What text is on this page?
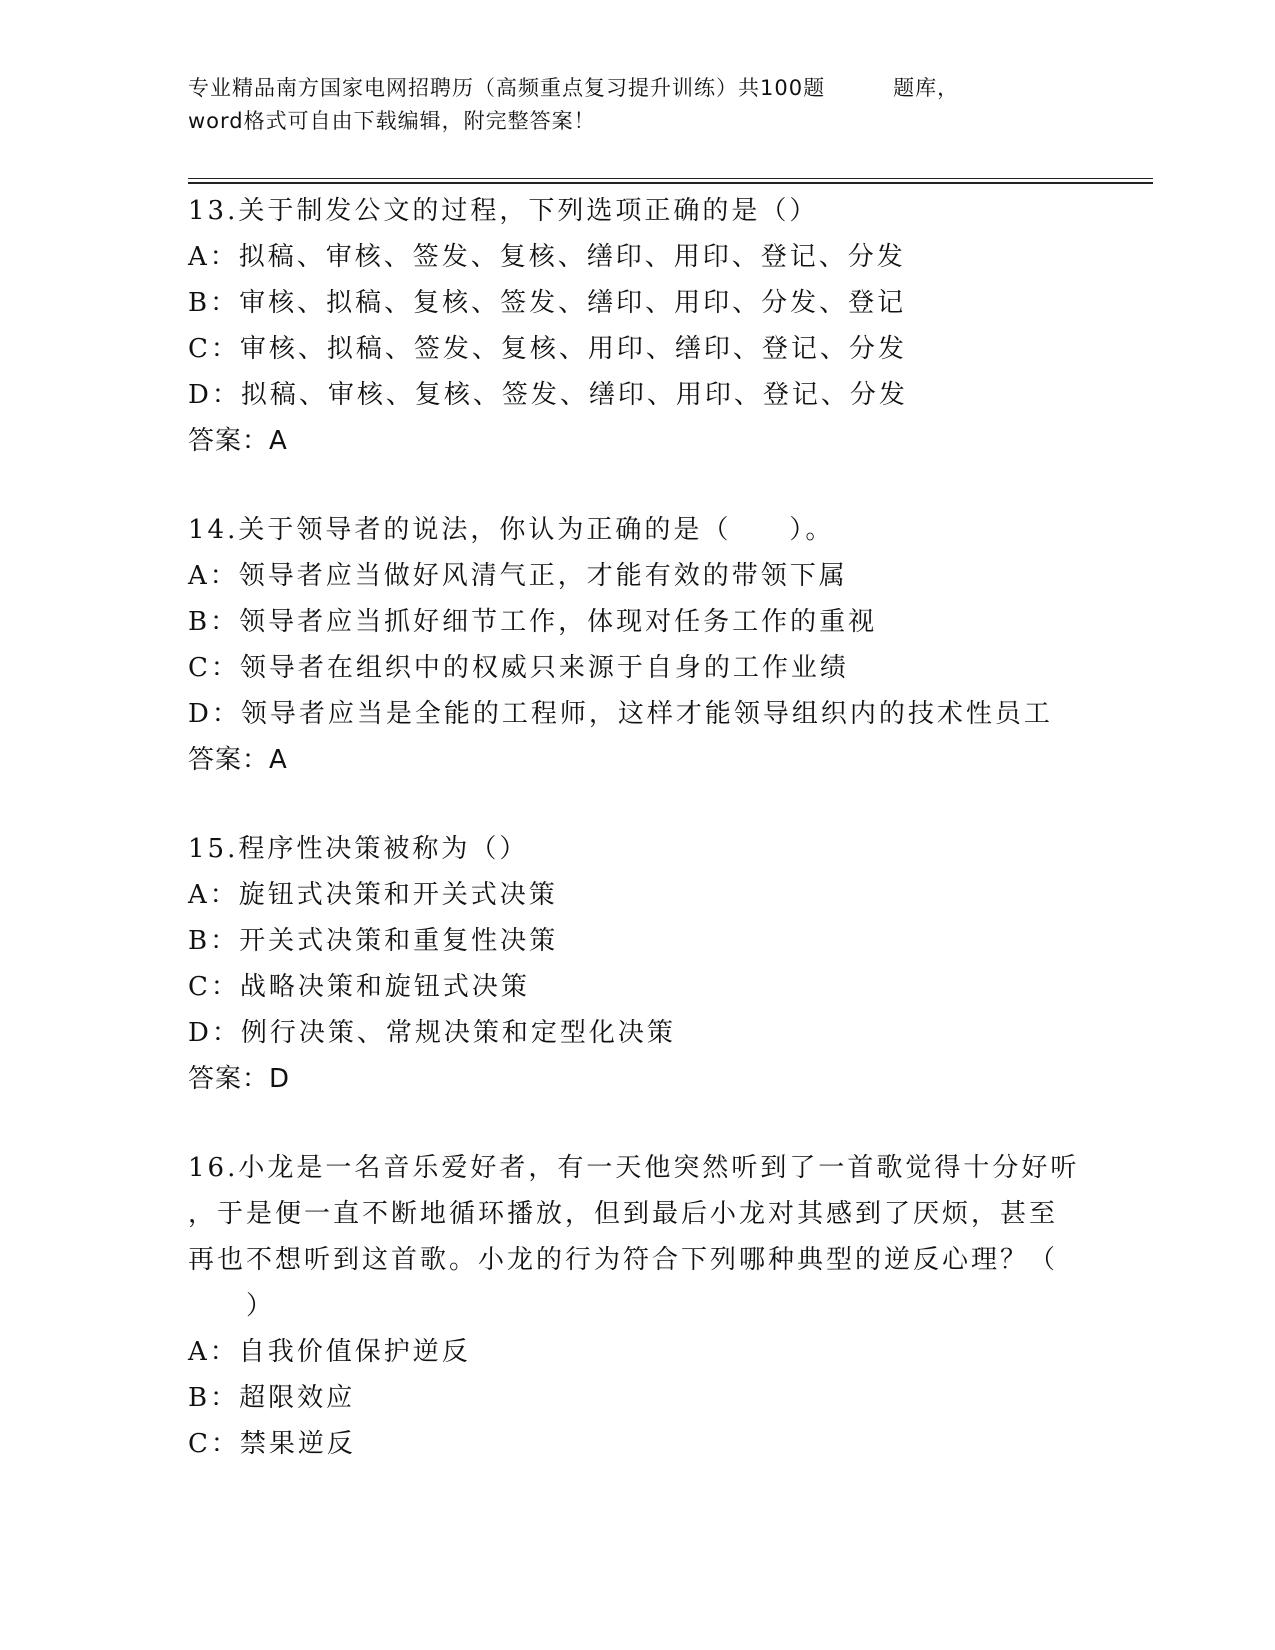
专业精品南方国家电网招聘历（高频重点复习提升训练）共100题	题库，
word格式可自由下载编辑，附完整答案！
13.关于制发公文的过程，下列选项正确的是（）
A：拟稿、审核、签发、复核、缮印、用印、登记、分发
B：审核、拟稿、复核、签发、缮印、用印、分发、登记
C：审核、拟稿、签发、复核、用印、缮印、登记、分发
D：拟稿、审核、复核、签发、缮印、用印、登记、分发
答案：A
14.关于领导者的说法，你认为正确的是（　　）。
A：领导者应当做好风清气正，才能有效的带领下属
B：领导者应当抓好细节工作，体现对任务工作的重视
C：领导者在组织中的权威只来源于自身的工作业绩
D：领导者应当是全能的工程师，这样才能领导组织内的技术性员工
答案：A
15.程序性决策被称为（）
A：旋钮式决策和开关式决策
B：开关式决策和重复性决策
C：战略决策和旋钮式决策
D：例行决策、常规决策和定型化决策
答案：D
16.小龙是一名音乐爱好者，有一天他突然听到了一首歌觉得十分好听
，于是便一直不断地循环播放，但到最后小龙对其感到了厌烦，甚至
再也不想听到这首歌。小龙的行为符合下列哪种典型的逆反心理？（
　　）
A：自我价值保护逆反
B：超限效应
C：禁果逆反
